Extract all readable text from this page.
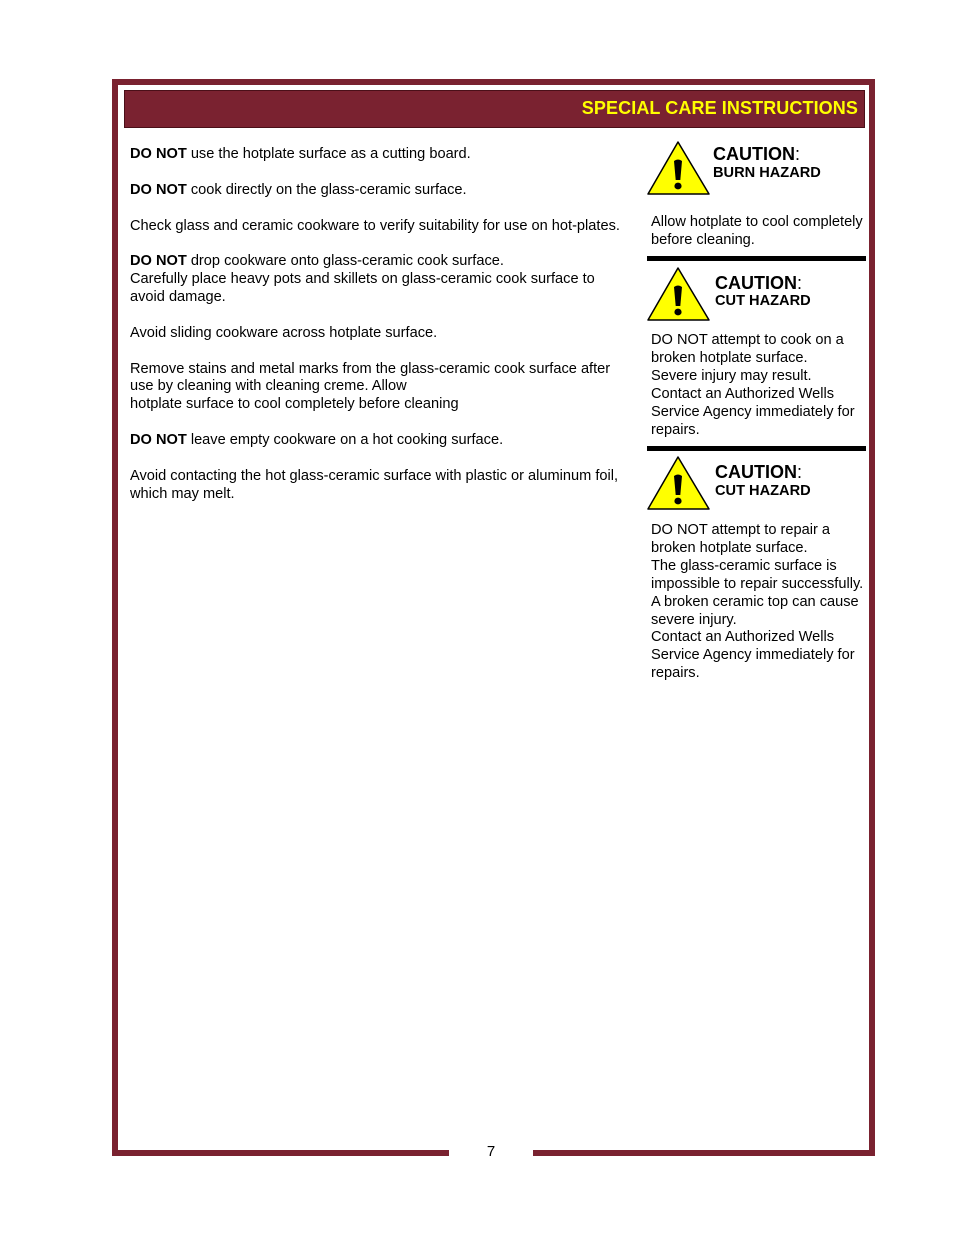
7
SPECIAL CARE INSTRUCTIONS

DO NOT use the hotplate surface as a cutting board.

DO NOT cook directly on the glass-ceramic surface.

Check glass and ceramic cookware to verify suitability for use on hot-plates.

DO NOT drop cookware onto glass-ceramic cook surface.
Carefully place heavy pots and skillets on glass-ceramic cook surface to avoid damage.

Avoid sliding cookware across hotplate surface.

Remove stains and metal marks from the glass-ceramic cook surface after use by cleaning with cleaning creme. Allow
hotplate surface to cool completely before cleaning

DO NOT leave empty cookware on a hot cooking surface.

Avoid contacting the hot glass-ceramic surface with plastic or aluminum foil, which may melt.

CAUTION:
BURN HAZARD
Allow hotplate to cool completely before cleaning.
CAUTION:
CUT HAZARD
DO NOT attempt to cook on a broken hotplate surface.
Severe injury may result.
Contact an Authorized Wells Service Agency immediately for repairs.
CAUTION:
CUT HAZARD
DO NOT attempt to repair a broken hotplate surface.
The glass-ceramic surface is impossible to repair successfully.
A broken ceramic top can cause severe injury.
Contact an Authorized Wells Service Agency immediately for repairs.
